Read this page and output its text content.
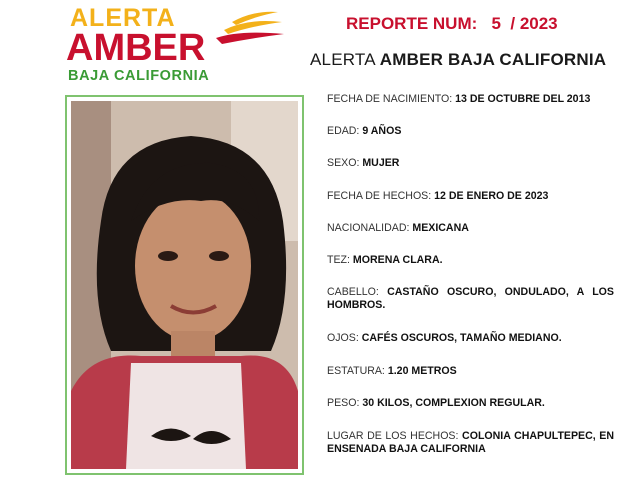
ALERTA
AMBER
BAJA CALIFORNIA
REPORTE NUM: 5 / 2023
ALERTA AMBER BAJA CALIFORNIA
FECHA DE NACIMIENTO: 13 DE OCTUBRE DEL 2013
EDAD: 9 AÑOS
SEXO: MUJER
FECHA DE HECHOS: 12 DE ENERO DE 2023
NACIONALIDAD: MEXICANA
TEZ: MORENA CLARA.
CABELLO: CASTAÑO OSCURO, ONDULADO, A LOS HOMBROS.
OJOS: CAFÉS OSCUROS, TAMAÑO MEDIANO.
ESTATURA: 1.20 METROS
PESO: 30 KILOS, COMPLEXION REGULAR.
LUGAR DE LOS HECHOS: COLONIA CHAPULTEPEC, EN ENSENADA BAJA CALIFORNIA
